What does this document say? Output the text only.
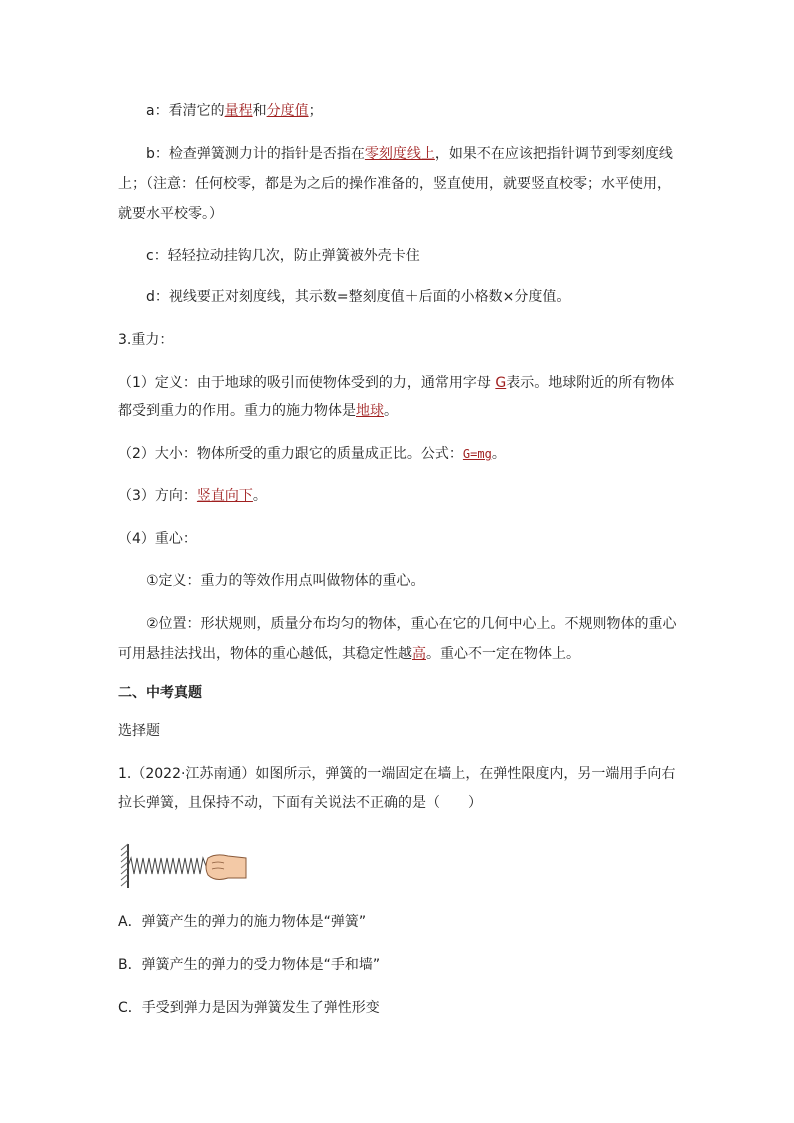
a：看清它的量程和分度值；
b：检查弹簧测力计的指针是否指在零刻度线上，如果不在应该把指针调节到零刻度线
上；（注意：任何校零，都是为之后的操作准备的，竖直使用，就要竖直校零；水平使用，
就要水平校零。）
c：轻轻拉动挂钩几次，防止弹簧被外壳卡住
d：视线要正对刻度线，其示数=整刻度值＋后面的小格数×分度值。
3.重力：
（1）定义：由于地球的吸引而使物体受到的力，通常用字母 G表示。地球附近的所有物体
都受到重力的作用。重力的施力物体是地球。
（2）大小：物体所受的重力跟它的质量成正比。公式：G=mg。
（3）方向：竖直向下。
（4）重心：
①定义：重力的等效作用点叫做物体的重心。
②位置：形状规则，质量分布均匀的物体，重心在它的几何中心上。不规则物体的重心
可用悬挂法找出，物体的重心越低，其稳定性越高。重心不一定在物体上。
二、中考真题
选择题
1.（2022·江苏南通）如图所示，弹簧的一端固定在墙上，在弹性限度内，另一端用手向右
拉长弹簧，且保持不动，下面有关说法不正确的是（　　）
A．弹簧产生的弹力的施力物体是“弹簧”
B．弹簧产生的弹力的受力物体是“手和墙”
C．手受到弹力是因为弹簧发生了弹性形变
